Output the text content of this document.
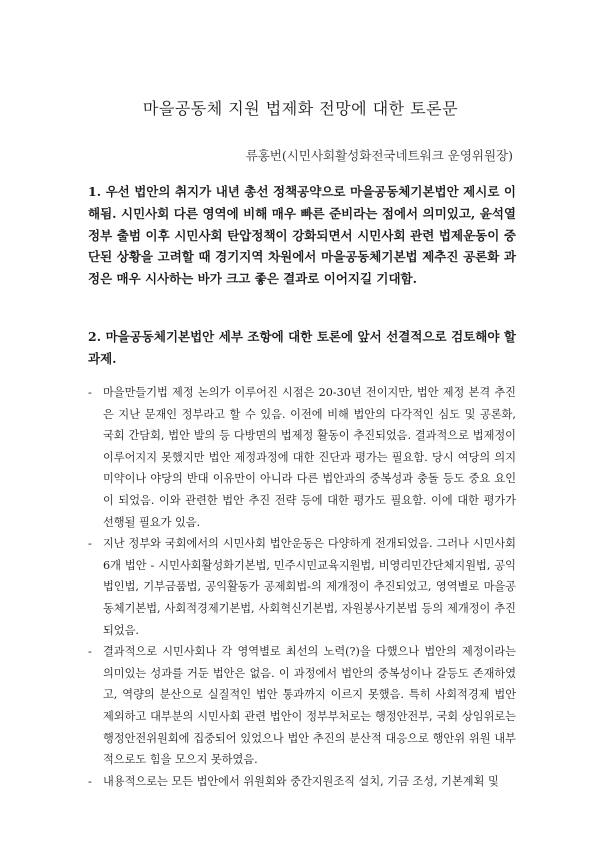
마을공동체 지원 법제화 전망에 대한 토론문
류홍번(시민사회활성화전국네트워크 운영위원장)
1. 우선 법안의 취지가 내년 총선 정책공약으로 마을공동체기본법안 제시로 이해됨. 시민사회 다른 영역에 비해 매우 빠른 준비라는 점에서 의미있고, 윤석열 정부 출범 이후 시민사회 탄압정책이 강화되면서 시민사회 관련 법제운동이 중단된 상황을 고려할 때 경기지역 차원에서 마을공동체기본법 제추진 공론화 과정은 매우 시사하는 바가 크고 좋은 결과로 이어지길 기대함.
2. 마을공동체기본법안 세부 조항에 대한 토론에 앞서 선결적으로 검토해야 할 과제.
- 마을만들기법 제정 논의가 이루어진 시점은 20-30년 전이지만, 법안 제정 본격 추진은 지난 문재인 정부라고 할 수 있음. 이전에 비해 법안의 다각적인 심도 및 공론화, 국회 간담회, 법안 발의 등 다방면의 법제정 활동이 추진되었음. 결과적으로 법제정이 이루어지지 못했지만 법안 제정과정에 대한 진단과 평가는 필요함. 당시 여당의 의지 미약이나 야당의 반대 이유만이 아니라 다른 법안과의 중복성과 충돌 등도 중요 요인이 되었음. 이와 관련한 법안 추진 전략 등에 대한 평가도 필요함. 이에 대한 평가가 선행될 필요가 있음.
- 지난 정부와 국회에서의 시민사회 법안운동은 다양하게 전개되었음. 그러나 시민사회 6개 법안 - 시민사회활성화기본법, 민주시민교육지원법, 비영리민간단체지원법, 공익법인법, 기부금품법, 공익활동가 공제회법-의 제개정이 추진되었고, 영역별로 마을공동체기본법, 사회적경제기본법, 사회혁신기본법, 자원봉사기본법 등의 제개정이 추진되었음.
- 결과적으로 시민사회나 각 영역별로 최선의 노력(?)을 다했으나 법안의 제정이라는 의미있는 성과를 거둔 법안은 없음. 이 과정에서 법안의 중복성이나 갈등도 존재하였고, 역량의 분산으로 실질적인 법안 통과까지 이르지 못했음. 특히 사회적경제 법안 제외하고 대부분의 시민사회 관련 법안이 정부부처로는 행정안전부, 국회 상임위로는 행정안전위원회에 집중되어 있었으나 법안 추진의 분산적 대응으로 행안위 위원 내부적으로도 힘을 모으지 못하였음.
- 내용적으로는 모든 법안에서 위원회와 중간지원조직 설치, 기금 조성, 기본계획 및
